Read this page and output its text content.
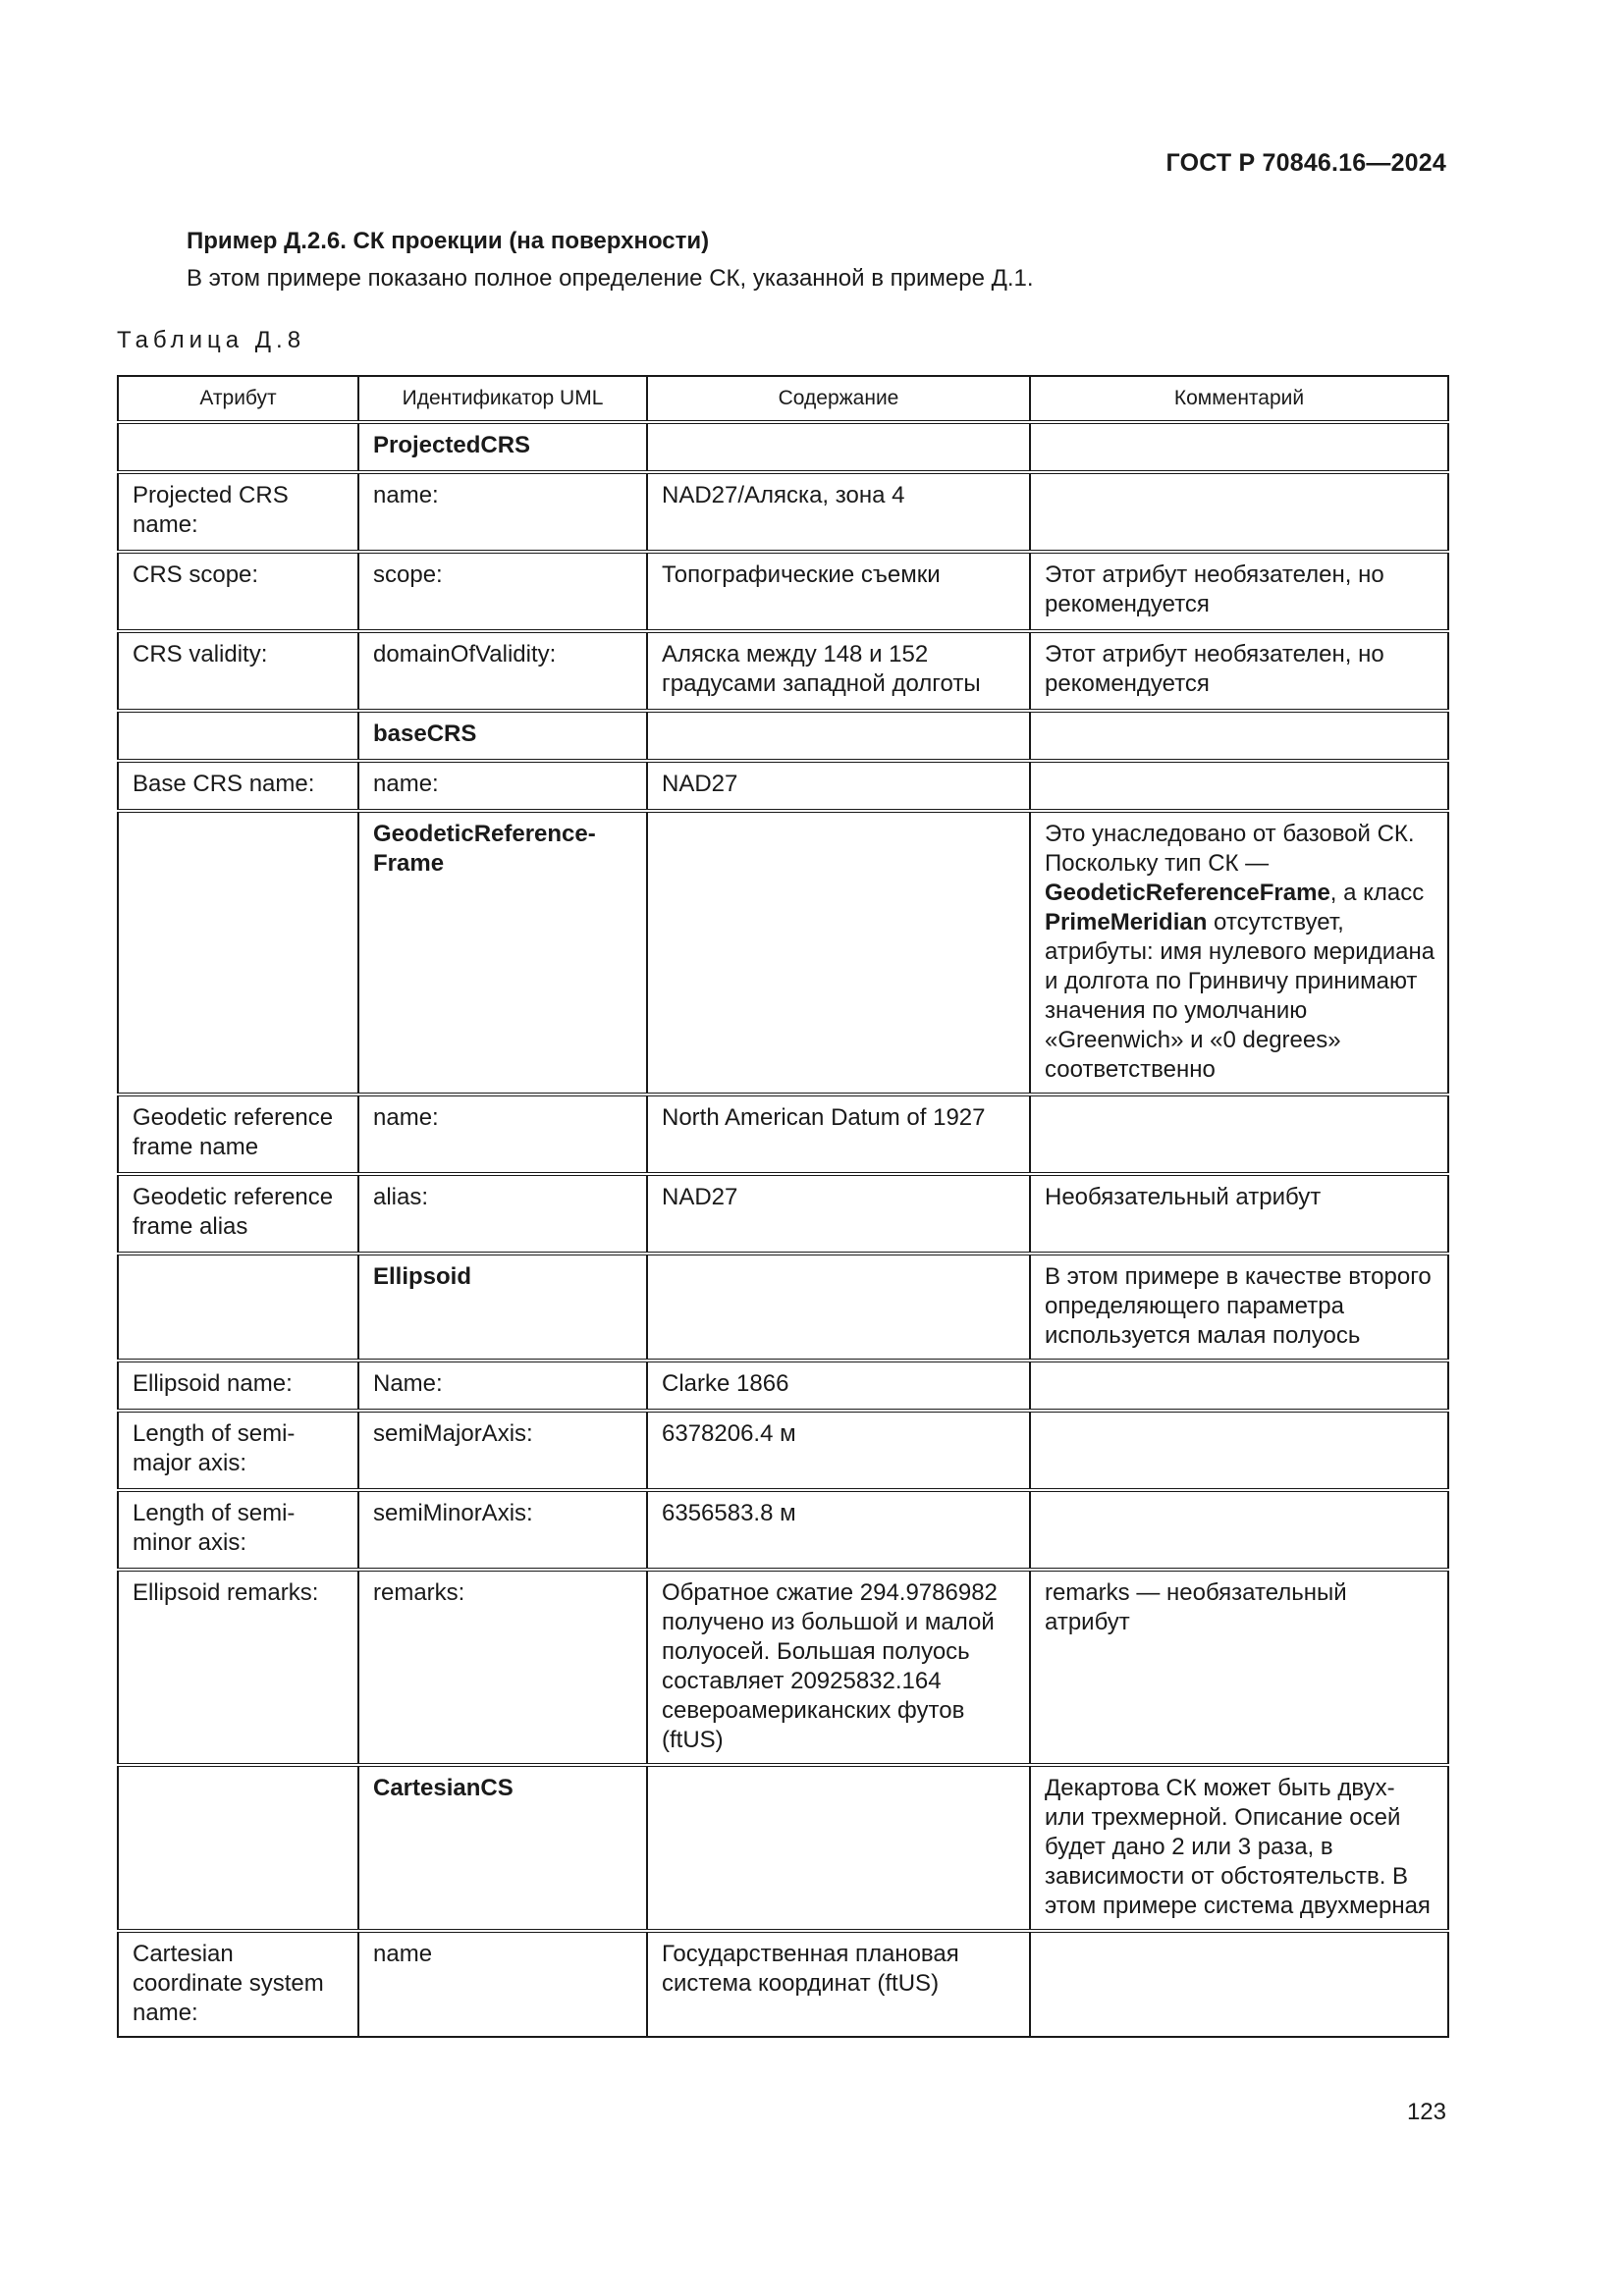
ГОСТ Р 70846.16—2024
Пример Д.2.6. СК проекции (на поверхности)
В этом примере показано полное определение СК, указанной в примере Д.1.
Таблица Д.8
Атрибут	Идентификатор UML	Содержание	Комментарий
	ProjectedCRS		
Projected CRS name:	name:	NAD27/Аляска, зона 4	
CRS scope:	scope:	Топографические съемки	Этот атрибут необязателен, но рекомендуется
CRS validity:	domainOfValidity:	Аляска между 148 и 152 градусами западной долготы	Этот атрибут необязателен, но рекомендуется
	baseCRS		
Base CRS name:	name:	NAD27	
	GeodeticReference-Frame		Это унаследовано от базовой СК. Поскольку тип СК — GeodeticReferenceFrame, а класс PrimeMeridian отсутствует, атрибуты: имя нулевого меридиана и долгота по Гринвичу принимают значения по умолчанию «Greenwich» и «0 degrees» соответственно
Geodetic reference frame name	name:	North American Datum of 1927	
Geodetic reference frame alias	alias:	NAD27	Необязательный атрибут
	Ellipsoid		В этом примере в качестве второго определяющего параметра используется малая полуось
Ellipsoid name:	Name:	Clarke 1866	
Length of semi-major axis:	semiMajorAxis:	6378206.4 м	
Length of semi-minor axis:	semiMinorAxis:	6356583.8 м	
Ellipsoid remarks:	remarks:	Обратное сжатие 294.9786982 получено из большой и малой полуосей. Большая полуось составляет 20925832.164 североамериканских футов (ftUS)	remarks — необязательный атрибут
	CartesianCS		Декартова СК может быть двух- или трехмерной. Описание осей будет дано 2 или 3 раза, в зависимости от обстоятельств. В этом примере система двухмерная
Cartesian coordinate system name:	name	Государственная плановая система координат (ftUS)	
123
